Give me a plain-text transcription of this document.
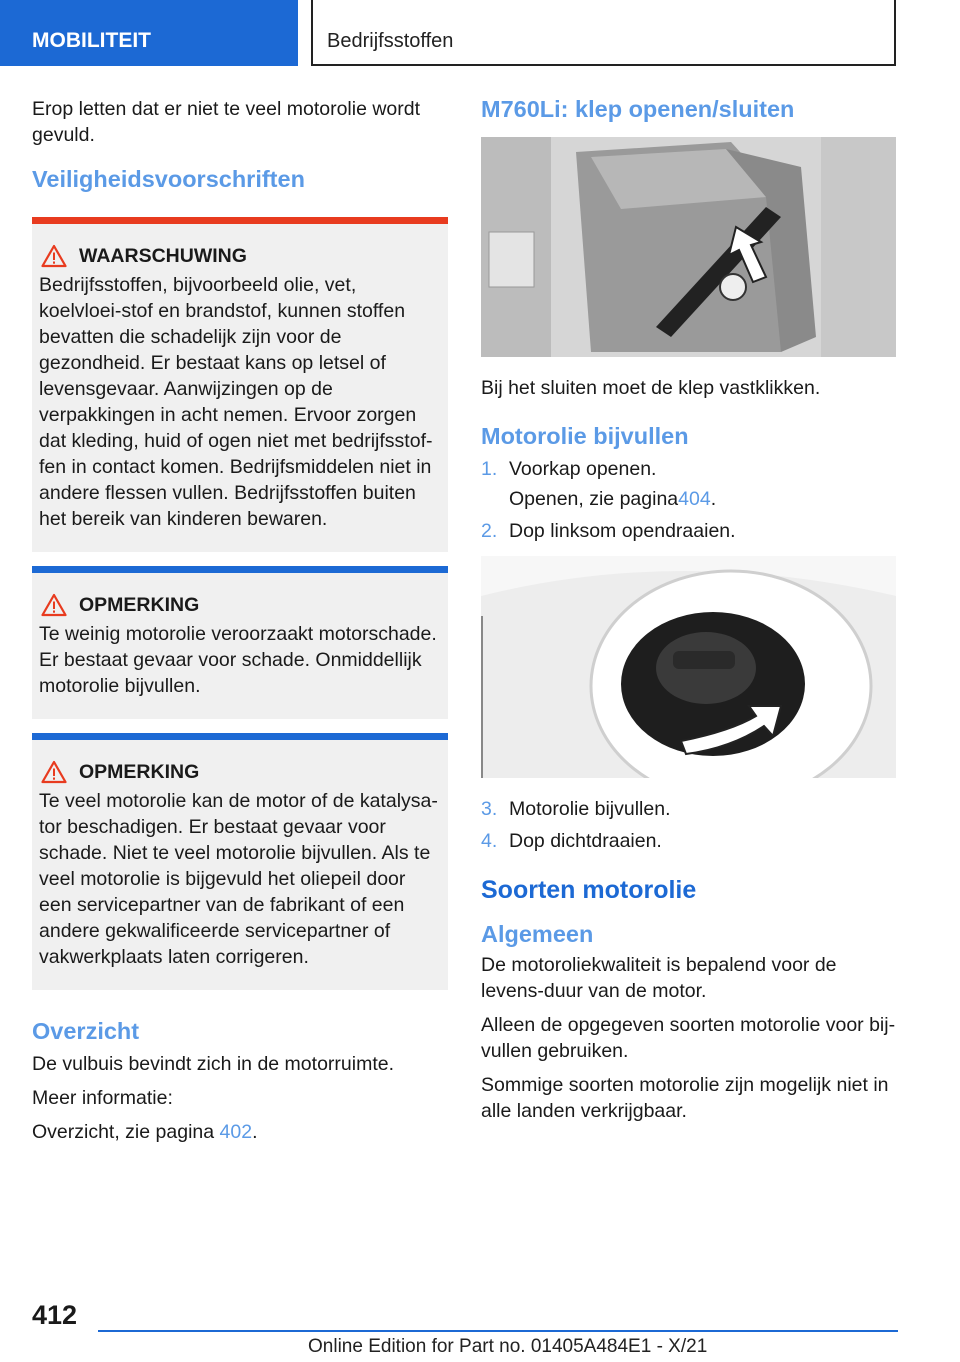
MOBILITEIT	Bedrijfsstoffen

Erop letten dat er niet te veel motorolie wordt gevuld.

Veiligheidsvoorschriften
WAARSCHUWING

Bedrijfsstoffen, bijvoorbeeld olie, vet, koelvloei-stof en brandstof, kunnen stoffen bevatten die schadelijk zijn voor de gezondheid. Er bestaat kans op letsel of levensgevaar. Aanwijzingen op de verpakkingen in acht nemen. Ervoor zorgen dat kleding, huid of ogen niet met bedrijfsstof-fen in contact komen. Bedrijfsmiddelen niet in andere flessen vullen. Bedrijfsstoffen buiten het bereik van kinderen bewaren.

OPMERKING

Te weinig motorolie veroorzaakt motorschade. Er bestaat gevaar voor schade. Onmiddellijk motorolie bijvullen.

OPMERKING

Te veel motorolie kan de motor of de katalysa-tor beschadigen. Er bestaat gevaar voor schade. Niet te veel motorolie bijvullen. Als te veel motorolie is bijgevuld het oliepeil door een servicepartner van de fabrikant of een andere gekwalificeerde servicepartner of vakwerkplaats laten corrigeren.

Overzicht

De vulbuis bevindt zich in de motorruimte.

Meer informatie:

Overzicht, zie pagina 402.

M760Li: klep openen/sluiten

Bij het sluiten moet de klep vastklikken.

Motorolie bijvullen
1. Voorkap openen.
Openen, zie pagina 404 .
2. Dop linksom opendraaien.
3. Motorolie bijvullen.
4. Dop dichtdraaien.
Soorten motorolie
Algemeen

De motoroliekwaliteit is bepalend voor de levens-duur van de motor.

Alleen de opgegeven soorten motorolie voor bij-vullen gebruiken.

Sommige soorten motorolie zijn mogelijk niet in alle landen verkrijgbaar.

412
Online Edition for Part no. 01405A484E1 - X/21
